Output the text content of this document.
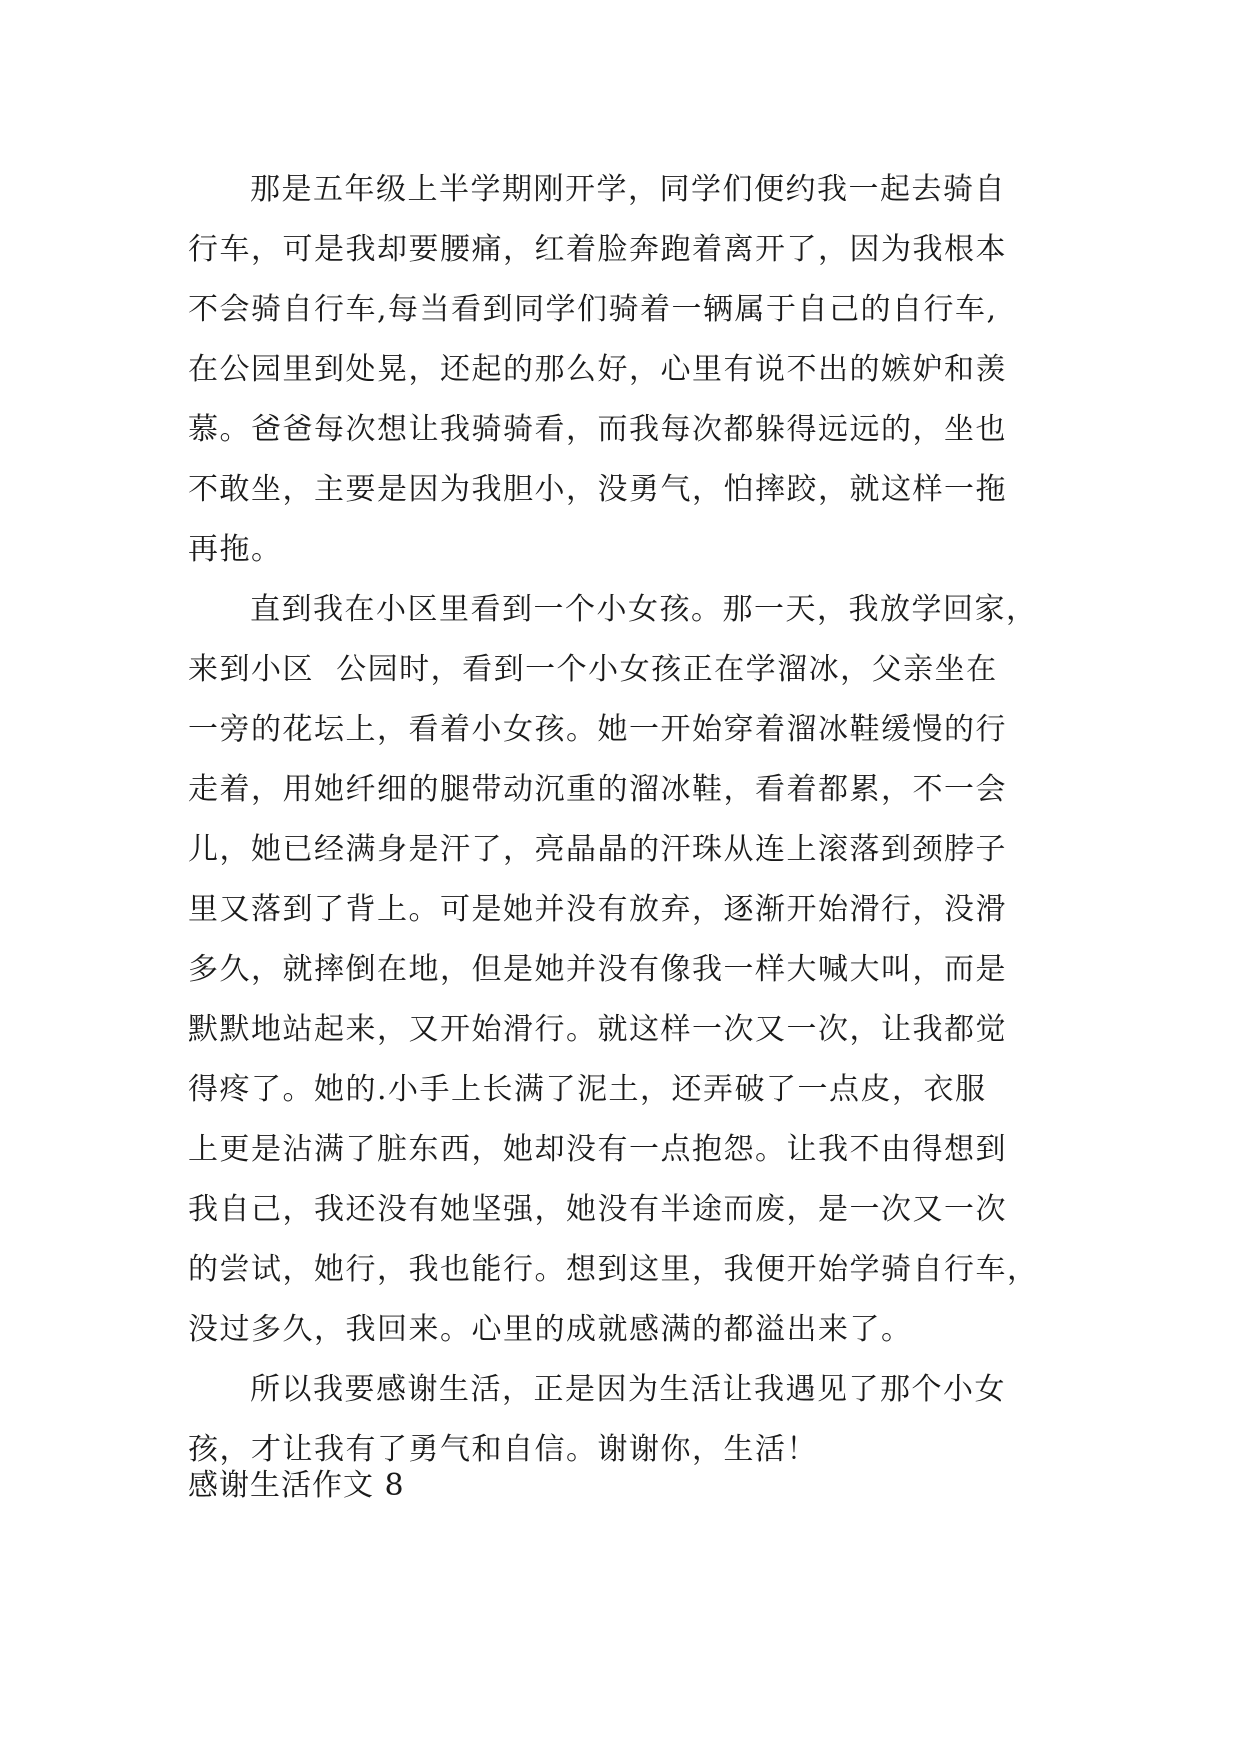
那是五年级上半学期刚开学，同学们便约我一起去骑自
行车，可是我却要腰痛，红着脸奔跑着离开了，因为我根本
不会骑自行车,每当看到同学们骑着一辆属于自己的自行车,
在公园里到处晃，还起的那么好，心里有说不出的嫉妒和羡
慕。爸爸每次想让我骑骑看，而我每次都躲得远远的，坐也
不敢坐，主要是因为我胆小，没勇气，怕摔跤，就这样一拖
再拖。
直到我在小区里看到一个小女孩。那一天，我放学回家，
来到小区  公园时，看到一个小女孩正在学溜冰，父亲坐在
一旁的花坛上，看着小女孩。她一开始穿着溜冰鞋缓慢的行
走着，用她纤细的腿带动沉重的溜冰鞋，看着都累，不一会
儿，她已经满身是汗了，亮晶晶的汗珠从连上滚落到颈脖子
里又落到了背上。可是她并没有放弃，逐渐开始滑行，没滑
多久，就摔倒在地，但是她并没有像我一样大喊大叫，而是
默默地站起来，又开始滑行。就这样一次又一次，让我都觉
得疼了。她的.小手上长满了泥土，还弄破了一点皮，衣服
上更是沾满了脏东西，她却没有一点抱怨。让我不由得想到
我自己，我还没有她坚强，她没有半途而废，是一次又一次
的尝试，她行，我也能行。想到这里，我便开始学骑自行车，
没过多久，我回来。心里的成就感满的都溢出来了。
所以我要感谢生活，正是因为生活让我遇见了那个小女
孩，才让我有了勇气和自信。谢谢你，生活！
感谢生活作文 8
